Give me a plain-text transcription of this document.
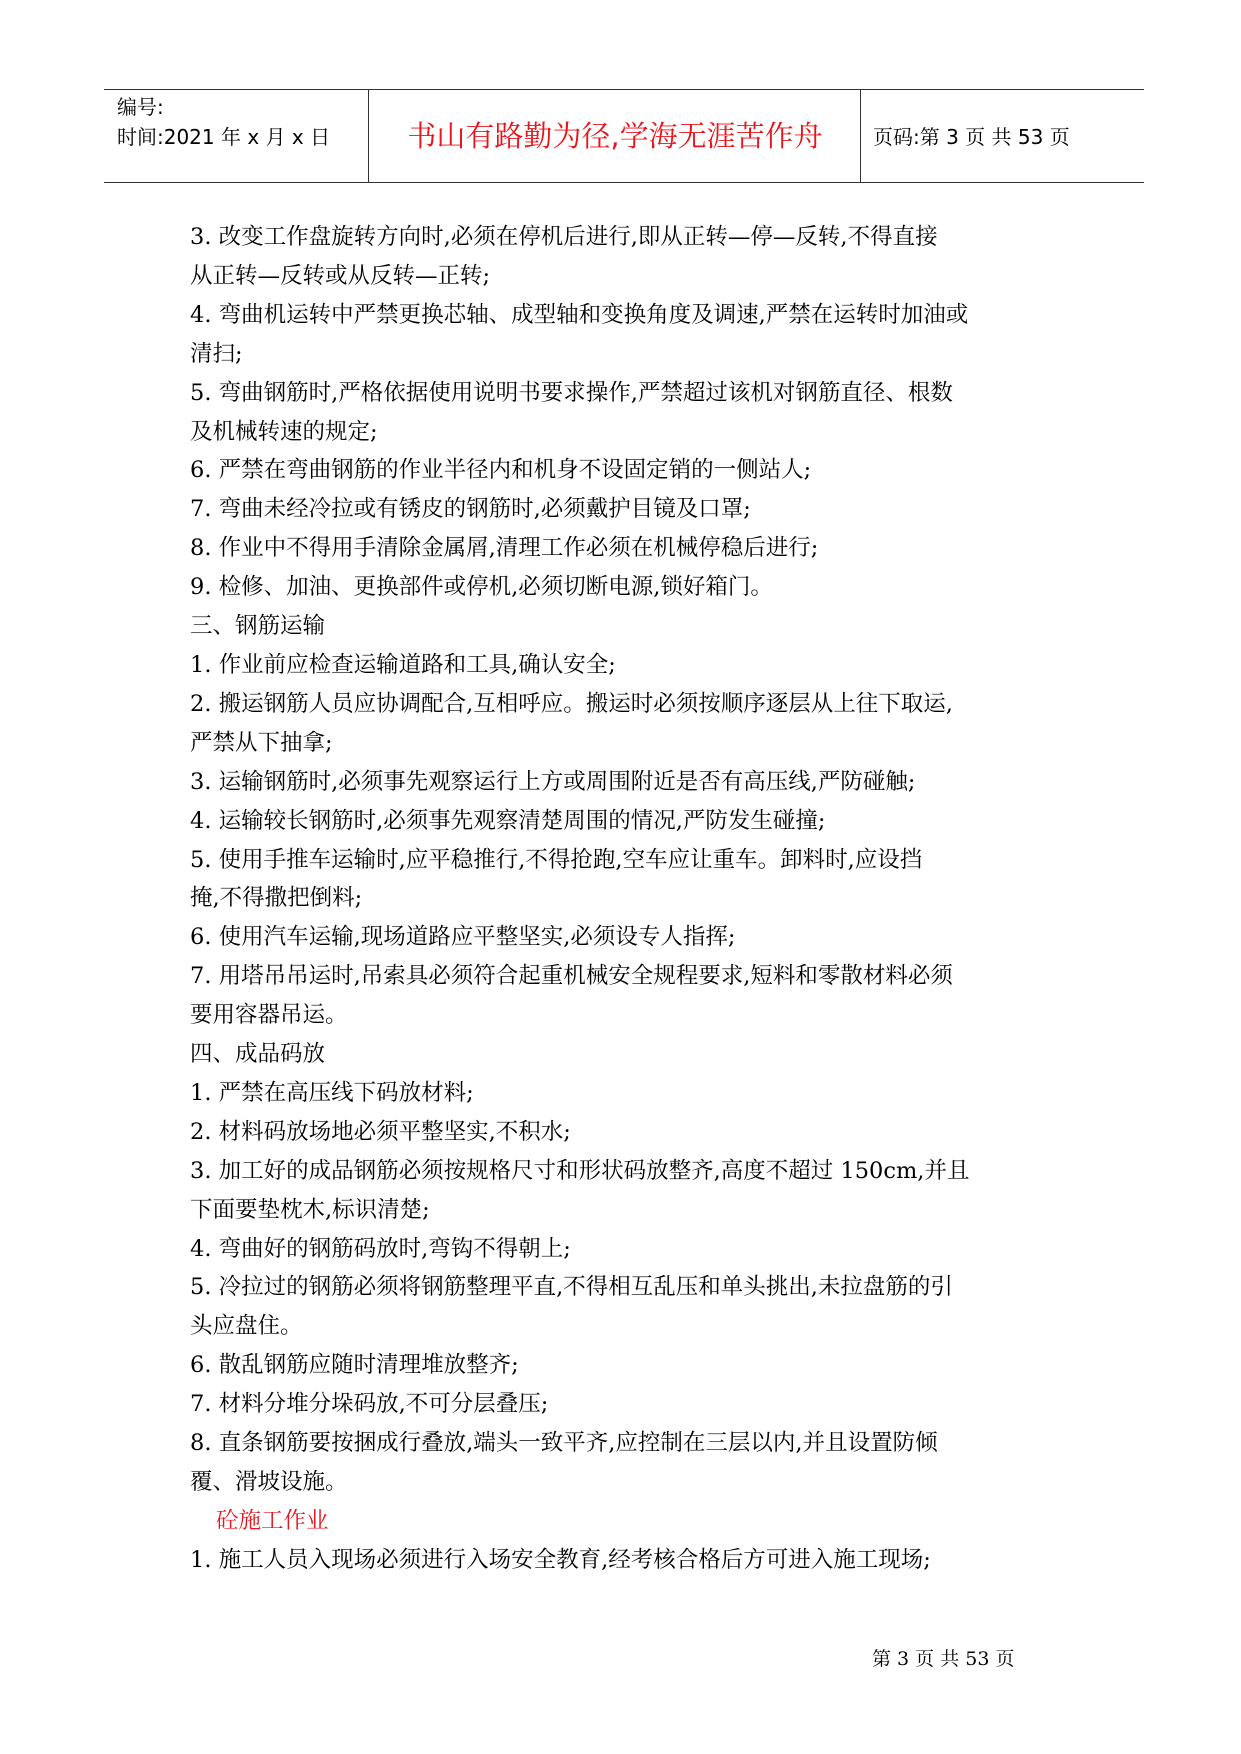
编号:
时间:2021 年 x 月 x 日	书山有路勤为径,学海无涯苦作舟	页码:第 3 页 共 53 页

3. 改变工作盘旋转方向时,必须在停机后进行,即从正转—停—反转,不得直接

从正转—反转或从反转—正转;

4. 弯曲机运转中严禁更换芯轴、成型轴和变换角度及调速,严禁在运转时加油或

清扫;

5. 弯曲钢筋时,严格依据使用说明书要求操作,严禁超过该机对钢筋直径、根数

及机械转速的规定;

6. 严禁在弯曲钢筋的作业半径内和机身不设固定销的一侧站人;

7. 弯曲未经冷拉或有锈皮的钢筋时,必须戴护目镜及口罩;

8. 作业中不得用手清除金属屑,清理工作必须在机械停稳后进行;

9. 检修、加油、更换部件或停机,必须切断电源,锁好箱门。

三、钢筋运输

1. 作业前应检查运输道路和工具,确认安全;

2. 搬运钢筋人员应协调配合,互相呼应。搬运时必须按顺序逐层从上往下取运,

严禁从下抽拿;

3. 运输钢筋时,必须事先观察运行上方或周围附近是否有高压线,严防碰触;

4. 运输较长钢筋时,必须事先观察清楚周围的情况,严防发生碰撞;

5. 使用手推车运输时,应平稳推行,不得抢跑,空车应让重车。卸料时,应设挡

掩,不得撒把倒料;

6. 使用汽车运输,现场道路应平整坚实,必须设专人指挥;

7. 用塔吊吊运时,吊索具必须符合起重机械安全规程要求,短料和零散材料必须

要用容器吊运。

四、成品码放

1. 严禁在高压线下码放材料;

2. 材料码放场地必须平整坚实,不积水;

3. 加工好的成品钢筋必须按规格尺寸和形状码放整齐,高度不超过 150cm,并且

下面要垫枕木,标识清楚;

4. 弯曲好的钢筋码放时,弯钩不得朝上;

5. 冷拉过的钢筋必须将钢筋整理平直,不得相互乱压和单头挑出,未拉盘筋的引

头应盘住。

6. 散乱钢筋应随时清理堆放整齐;

7. 材料分堆分垛码放,不可分层叠压;

8. 直条钢筋要按捆成行叠放,端头一致平齐,应控制在三层以内,并且设置防倾

覆、滑坡设施。

砼施工作业

1. 施工人员入现场必须进行入场安全教育,经考核合格后方可进入施工现场;

第 3 页 共 53 页
